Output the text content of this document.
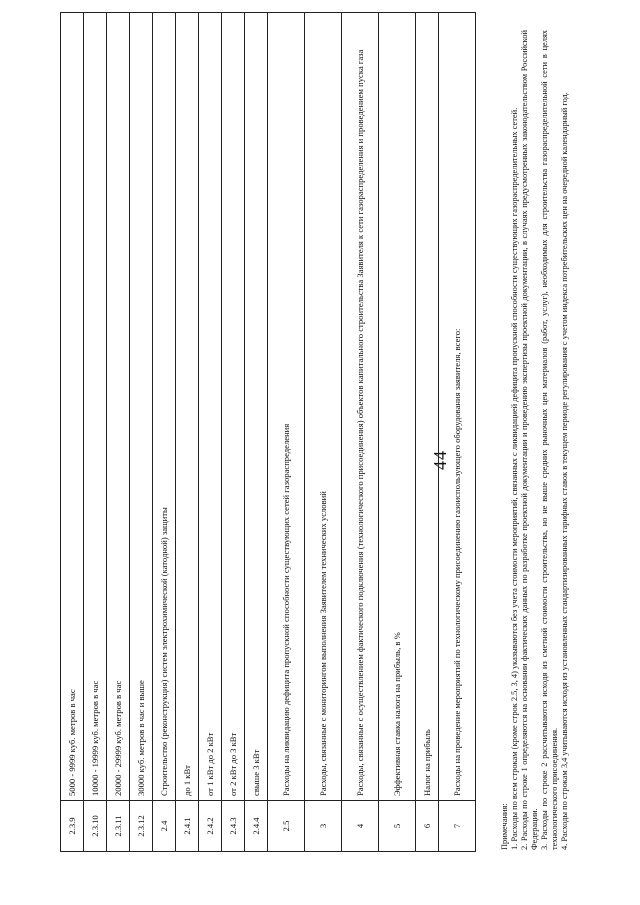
44
2.3.9	5000 - 9999 куб. метров в час
2.3.10	10000 - 19999 куб. метров в час
2.3.11	20000 - 29999 куб. метров в час
2.3.12	30000 куб. метров в час и выше
2.4	Строительство (реконструкция) систем электрохимической (катодной) защиты
2.4.1	до 1 кВт
2.4.2	от 1 кВт до 2 кВт
2.4.3	от 2 кВт до 3 кВт
2.4.4	свыше 3 кВт
2.5	Расходы на ликвидацию дефицита пропускной способности существующих сетей газораспределения
3	Расходы, связанные с мониторингом выполнения Заявителем технических условий
4	Расходы, связанные с осуществлением фактического подключения (технологического присоединения) объектов капитального строительства Заявителя к сети газораспределения и проведением пуска газа
5	Эффективная ставка налога на прибыль, в %
6	Налог на прибыль
7	Расходы на проведение мероприятий по технологическому присоединению газоиспользующего оборудования заявителя, всего:

Примечания: 1. Расходы по всем строкам (кроме строк 2.5, 3, 4) указываются без учета стоимости мероприятий, связанных с ликвидацией дефицита пропускной способности существующих газораспределительных сетей. 2. Расходы по строке 1 определяются на основании фактических данных по разработке проектной документации и проведению экспертизы проектной документации, в случаях предусмотренных законодательством Российской Федерации. 3. Расходы по строке 2 рассчитываются исходя из сметной стоимости строительства, но не выше средних рыночных цен материалов (работ, услуг), необходимых для строительства газораспределительной сети в целях технологического присоединения. 4. Расходы по строкам 3,4 учитываются исходя из установленных стандартизированных тарифных ставок в текущем периоде регулирования с учетом индекса потребительских цен на очередной календарный год.
